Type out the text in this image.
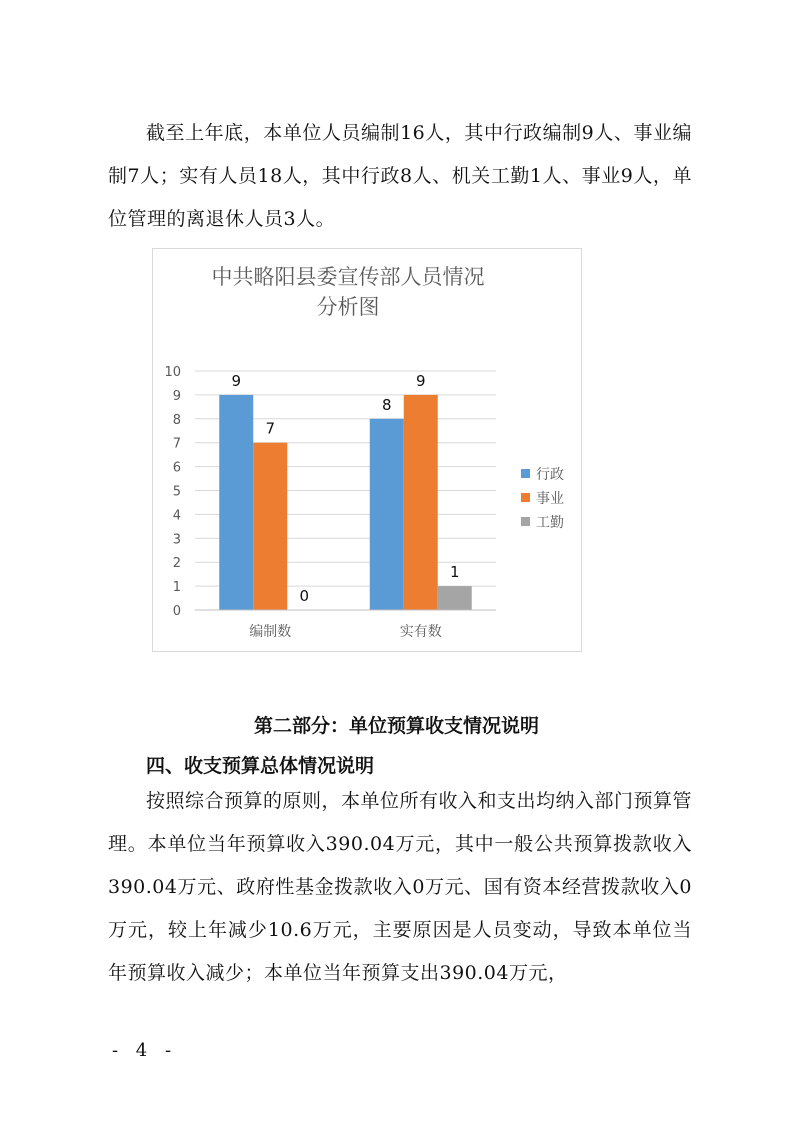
截至上年底，本单位人员编制16人，其中行政编制9人、事业编制7人；实有人员18人，其中行政8人、机关工勤1人、事业9人，单位管理的离退休人员3人。

中共略阳县委宣传部人员情况
分析图
0
1
2
3
4
5
6
7
8
9
10	9
7
0
编制数
8
9
1
实有数
行政
事业
工勤

第二部分：单位预算收支情况说明

四、收支预算总体情况说明

按照综合预算的原则，本单位所有收入和支出均纳入部门预算管理。本单位当年预算收入390.04万元，其中一般公共预算拨款收入390.04万元、政府性基金拨款收入0万元、国有资本经营拨款收入0万元，较上年减少10.6万元，主要原因是人员变动，导致本单位当年预算收入减少；本单位当年预算支出390.04万元，

- 4 -
